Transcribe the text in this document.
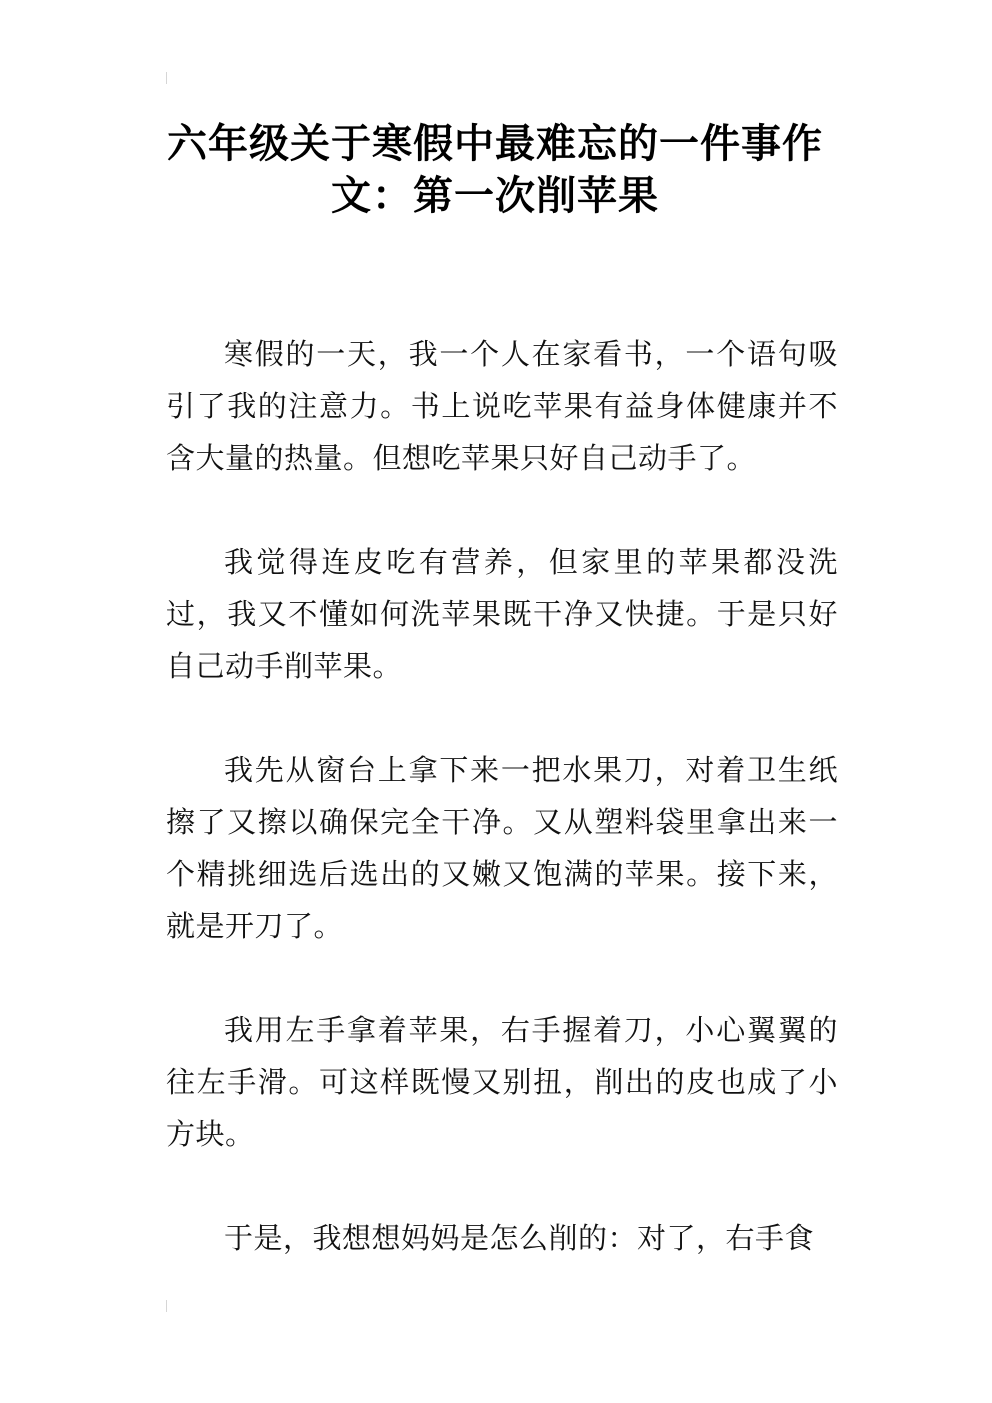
六年级关于寒假中最难忘的一件事作
文：第一次削苹果

寒假的一天，我一个人在家看书，一个语句吸引了我的注意力。书上说吃苹果有益身体健康并不含大量的热量。但想吃苹果只好自己动手了。

我觉得连皮吃有营养，但家里的苹果都没洗过，我又不懂如何洗苹果既干净又快捷。于是只好自己动手削苹果。

我先从窗台上拿下来一把水果刀，对着卫生纸擦了又擦以确保完全干净。又从塑料袋里拿出来一个精挑细选后选出的又嫩又饱满的苹果。接下来，就是开刀了。

我用左手拿着苹果，右手握着刀，小心翼翼的往左手滑。可这样既慢又别扭，削出的皮也成了小方块。

于是，我想想妈妈是怎么削的：对了，右手食
